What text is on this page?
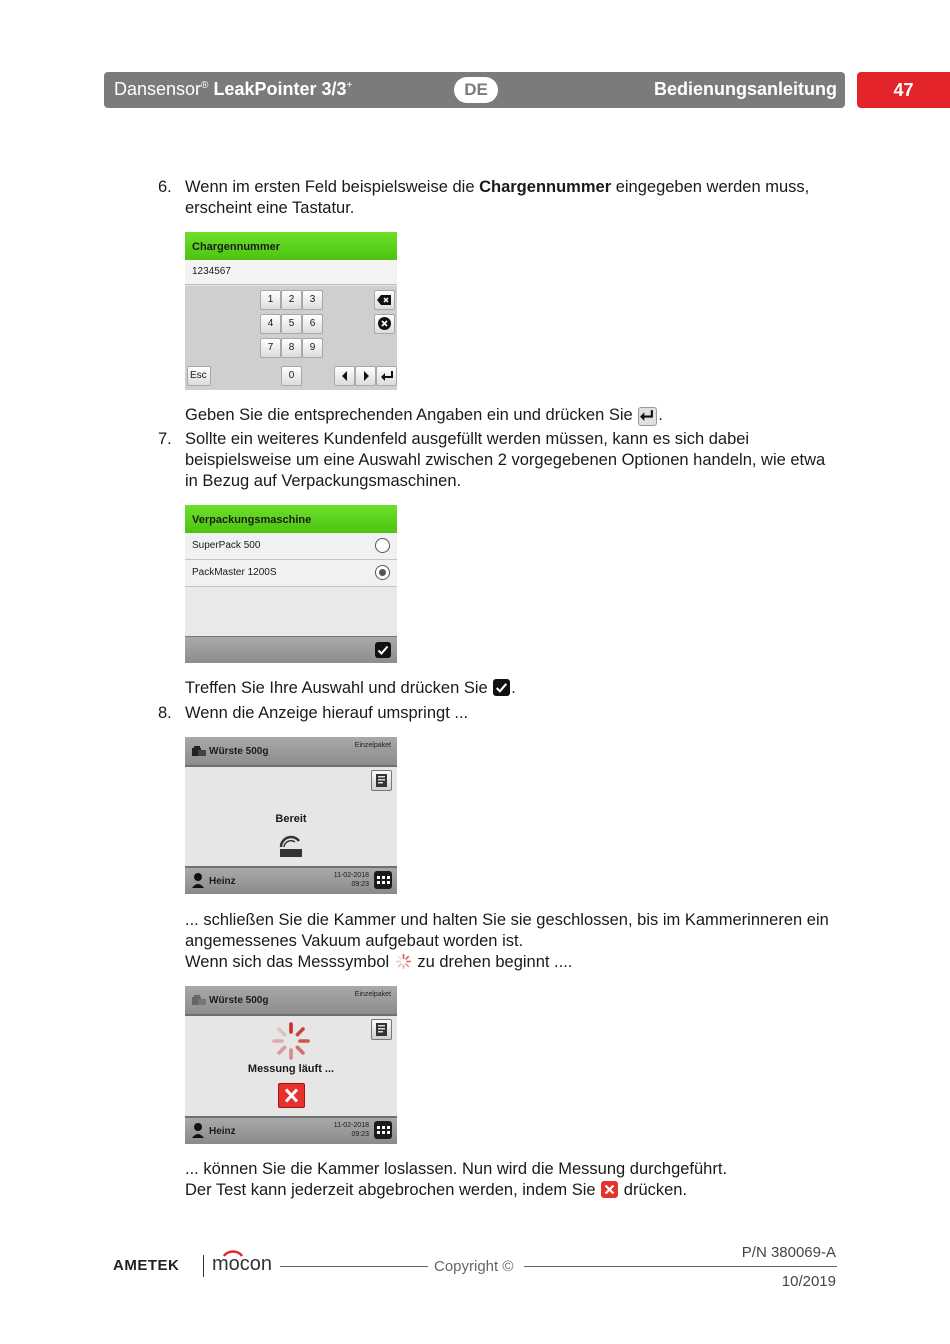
Dansensor® LeakPointer 3/3+	DE	Bedienungsanleitung	47
6. Wenn im ersten Feld beispielsweise die Chargennummer eingegeben werden muss,
erscheint eine Tastatur.
Chargennummer
1234567
1	2	3
4	5	6
7	8	9
0
Esc
Geben Sie die entsprechenden Angaben ein und drücken Sie .
7. Sollte ein weiteres Kundenfeld ausgefüllt werden müssen, kann es sich dabei
beispielsweise um eine Auswahl zwischen 2 vorgegebenen Optionen handeln, wie etwa
in Bezug auf Verpackungsmaschinen.
Verpackungsmaschine
SuperPack 500
PackMaster 1200S
Treffen Sie Ihre Auswahl und drücken Sie .
8. Wenn die Anzeige hierauf umspringt ...
Würste 500g
Einzelpaket
Bereit
Heinz
11-02-2018
09:23
... schließen Sie die Kammer und halten Sie sie geschlossen, bis im Kammerinneren ein
angemessenes Vakuum aufgebaut worden ist.
Wenn sich das Messsymbol  zu drehen beginnt ....
Würste 500g
Einzelpaket
Messung läuft ...
Heinz
11-02-2018
09:23
... können Sie die Kammer loslassen. Nun wird die Messung durchgeführt.
Der Test kann jederzeit abgebrochen werden, indem Sie  drücken.
AMETEK mocon	Copyright ©
P/N 380069-A
10/2019
